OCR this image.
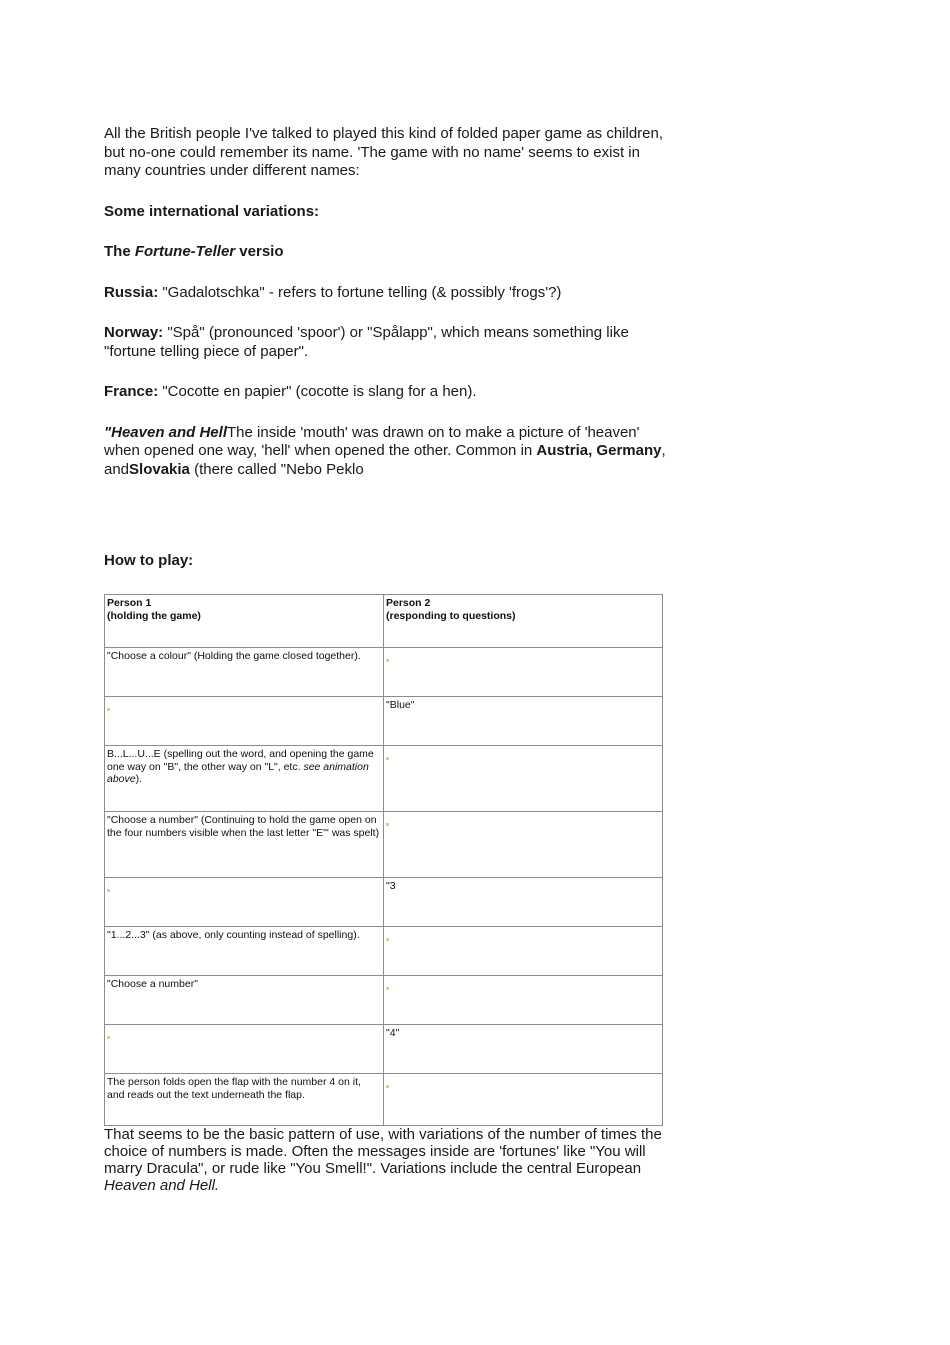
All the British people I've talked to played this kind of folded paper game as children, but no-one could remember its name. 'The game with no name' seems to exist in many countries under different names:

Some international variations:

The Fortune-Teller versio

Russia: "Gadalotschka" - refers to fortune telling (& possibly 'frogs'?)

Norway: "Spå" (pronounced 'spoor') or "Spålapp", which means something like "fortune telling piece of paper".

France: "Cocotte en papier" (cocotte is slang for a hen).

"Heaven and HellThe inside 'mouth' was drawn on to make a picture of 'heaven' when opened one way, 'hell' when opened the other. Common in Austria, Germany, andSlovakia (there called "Nebo Peklo

How to play:

Person 1
(holding the game)	Person 2
(responding to questions)
"Choose a colour" (Holding the game closed together).	
	"Blue"
B...L...U...E (spelling out the word, and opening the game one way on "B", the other way on "L", etc. see animation above).	
"Choose a number" (Continuing to hold the game open on the four numbers visible when the last letter "E"' was spelt)	
	"3
"1...2...3" (as above, only counting instead of spelling).	
"Choose a number"	
	"4"
The person folds open the flap with the number 4 on it, and reads out the text underneath the flap.	

That seems to be the basic pattern of use, with variations of the number of times the choice of numbers is made. Often the messages inside are 'fortunes' like "You will marry Dracula", or rude like "You Smell!". Variations include the central European Heaven and Hell.
